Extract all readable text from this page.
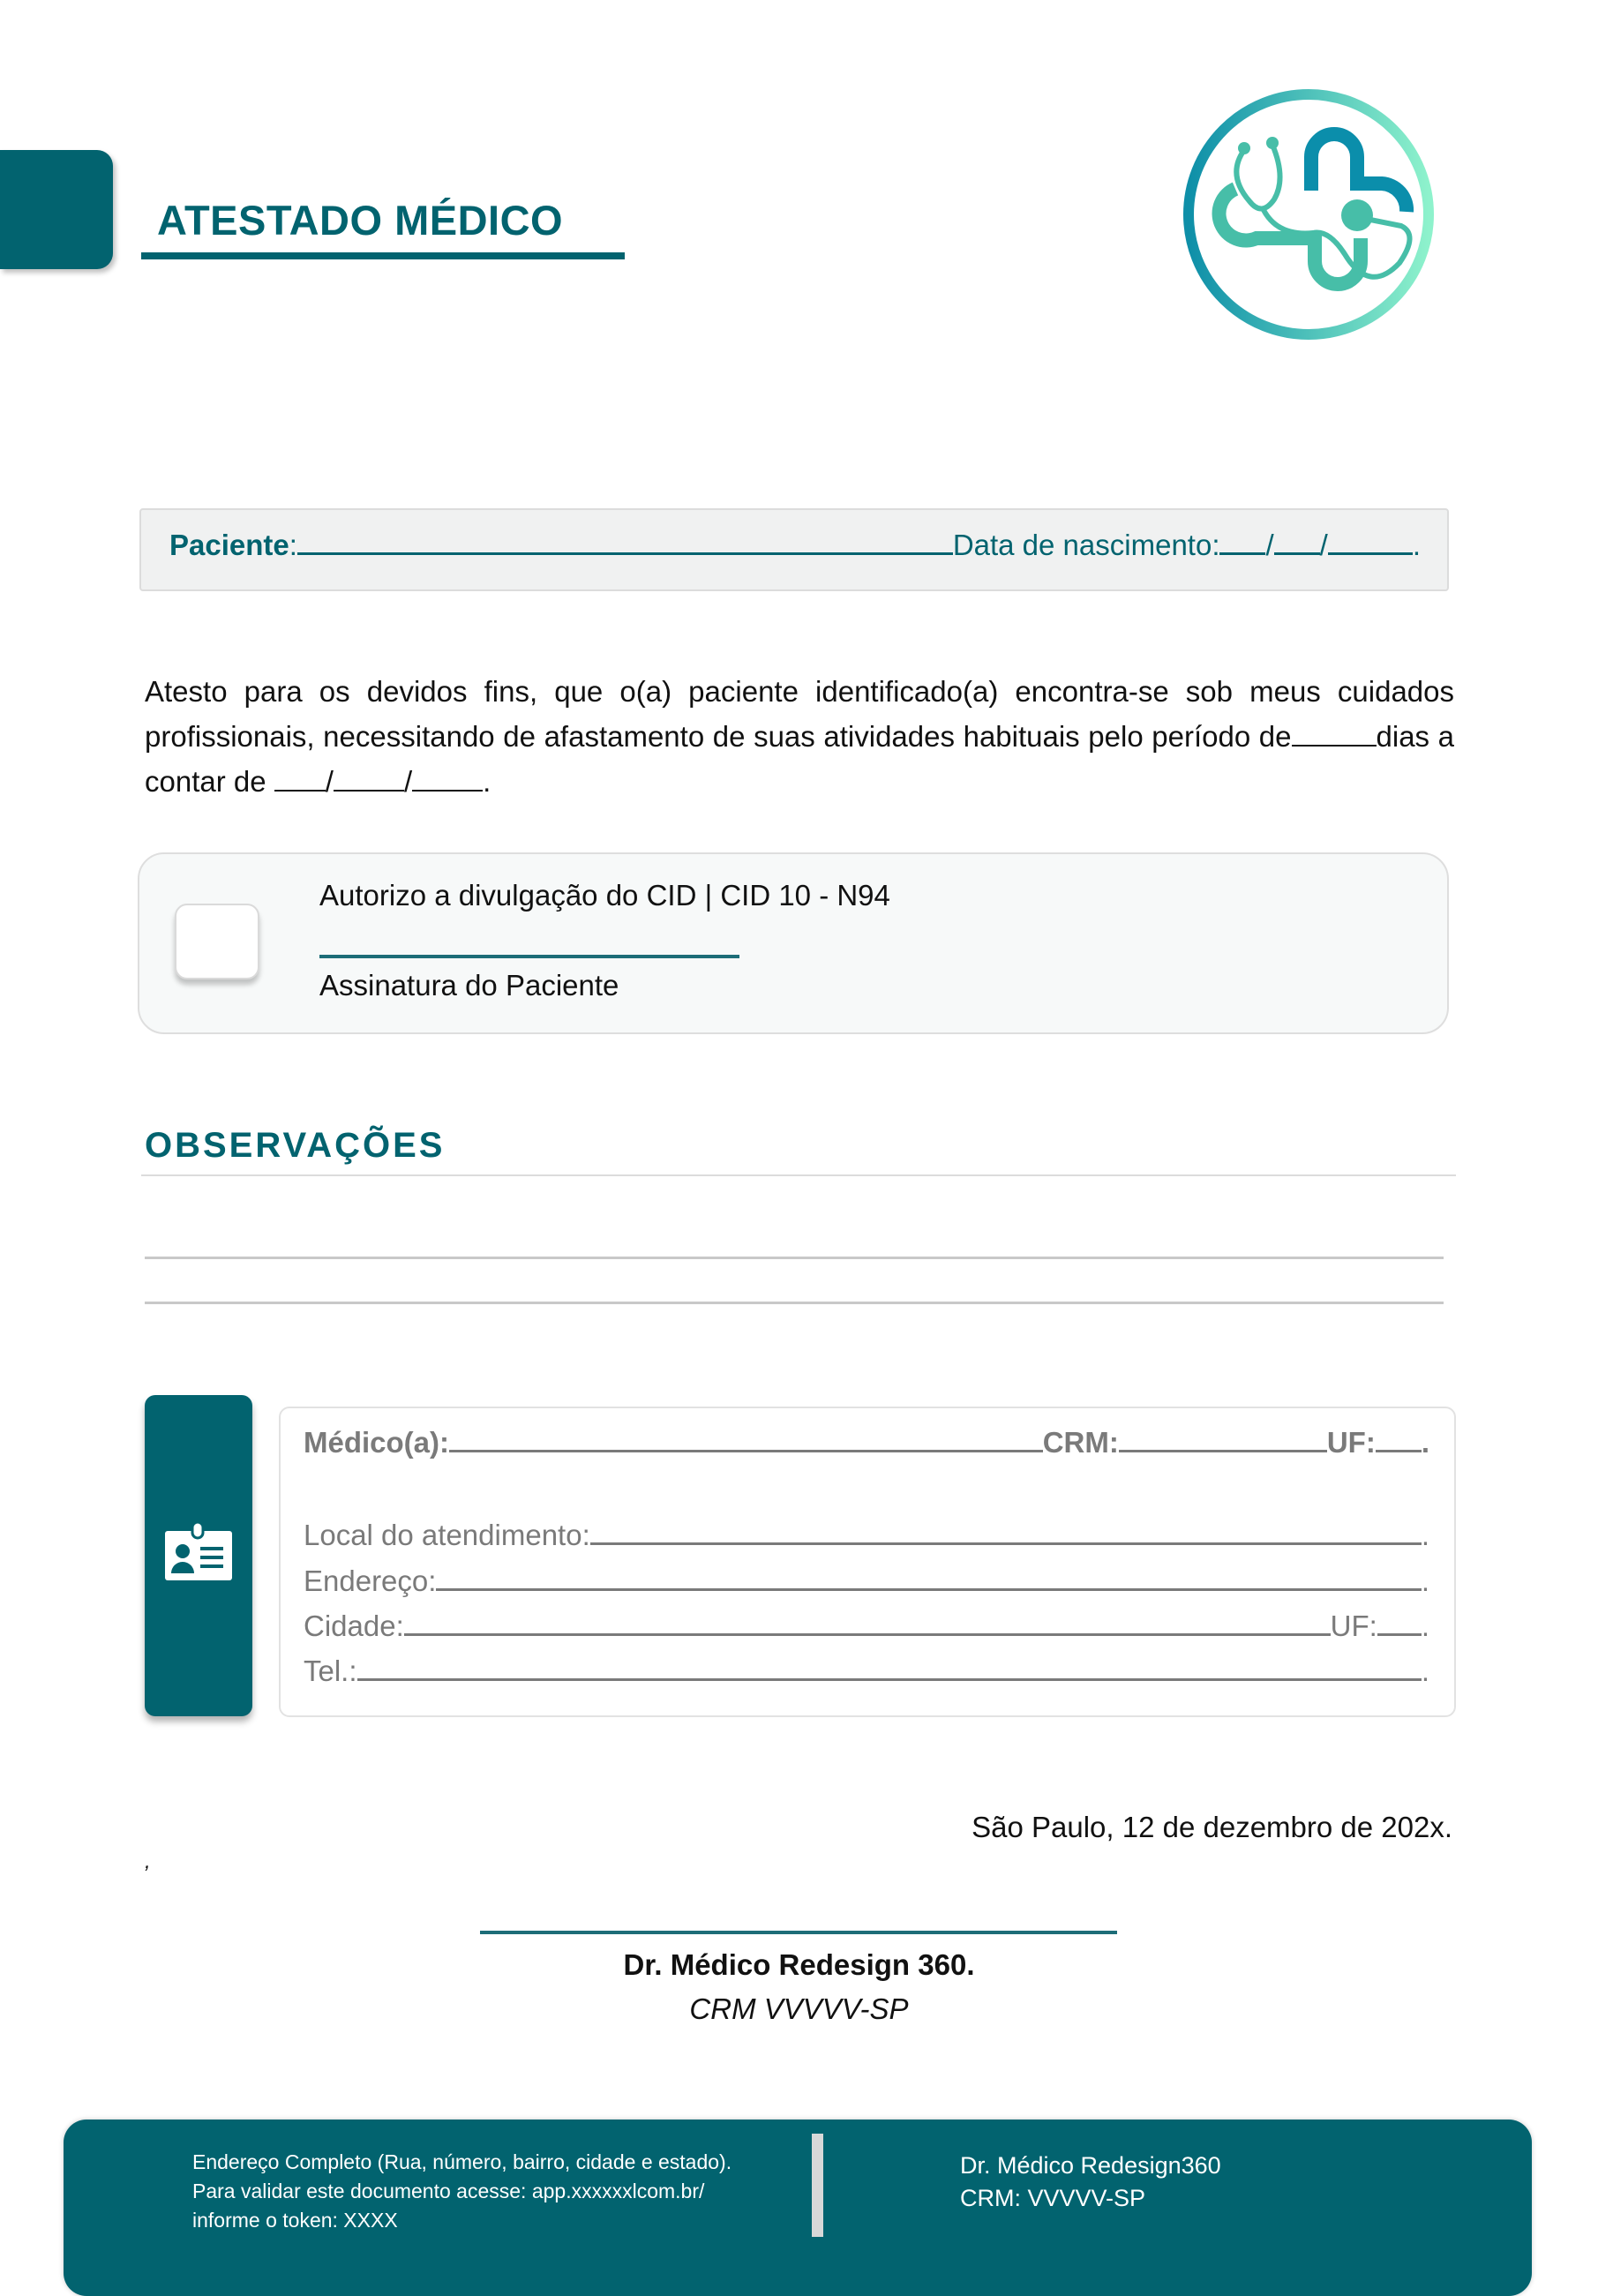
ATESTADO MÉDICO
Paciente :	Data de nascimento: / /	.
Atesto para os devidos fins, que o(a) paciente identificado(a) encontra-se sob meus cuidados profissionais, necessitando de afastamento de suas atividades habituais pelo período de	dias a contar de / / .
Autorizo a divulgação do CID | CID 10 - N94
Assinatura do Paciente
OBSERVAÇÕES
Médico(a):	CRM:	UF: .
Local do atendimento:	.
Endereço:	.
Cidade:	UF: .
Tel.:	.
São Paulo, 12 de dezembro de 202x.
,
Dr. Médico Redesign 360.
CRM VVVVV-SP
Endereço Completo (Rua, número, bairro, cidade e estado).
Para validar este documento acesse: app.xxxxxxlcom.br/
informe o token: XXXX
Dr. Médico Redesign360
CRM: VVVVV-SP
